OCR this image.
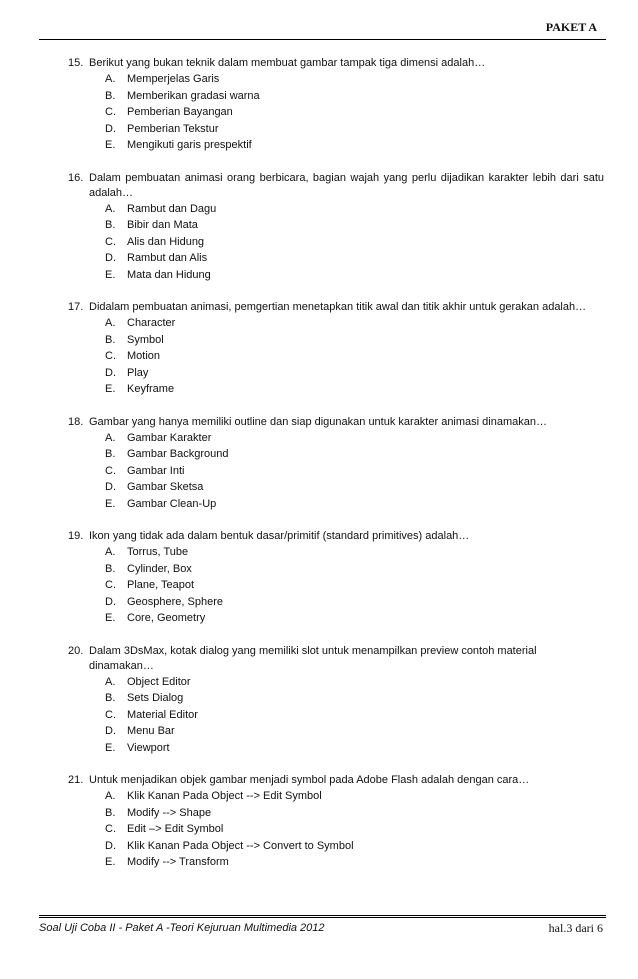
PAKET A
15. Berikut yang bukan teknik dalam membuat gambar tampak tiga dimensi adalah…
A.	Memperjelas Garis
B.	Memberikan gradasi warna
C.	Pemberian Bayangan
D.	Pemberian Tekstur
E.	Mengikuti garis prespektif
16. Dalam pembuatan animasi orang berbicara, bagian wajah yang perlu dijadikan karakter lebih dari satu adalah…
A.	Rambut dan Dagu
B.	Bibir dan Mata
C.	Alis dan Hidung
D.	Rambut dan Alis
E.	Mata dan Hidung
17. Didalam pembuatan animasi, pemgertian menetapkan titik awal dan titik akhir untuk gerakan adalah…
A.	Character
B.	Symbol
C.	Motion
D.	Play
E.	Keyframe
18. Gambar yang hanya memiliki outline dan siap digunakan untuk karakter animasi dinamakan…
A.	Gambar Karakter
B.	Gambar Background
C.	Gambar Inti
D.	Gambar Sketsa
E.	Gambar Clean-Up
19. Ikon yang tidak ada dalam bentuk dasar/primitif (standard primitives) adalah…
A.	Torrus, Tube
B.	Cylinder, Box
C.	Plane, Teapot
D.	Geosphere, Sphere
E.	Core, Geometry
20. Dalam 3DsMax, kotak dialog yang memiliki slot untuk menampilkan preview contoh material dinamakan…
A.	Object Editor
B.	Sets Dialog
C.	Material Editor
D.	Menu Bar
E.	Viewport
21. Untuk menjadikan objek gambar menjadi symbol pada Adobe Flash adalah dengan cara…
A.	Klik Kanan Pada Object --> Edit Symbol
B.	Modify --> Shape
C.	Edit –> Edit Symbol
D.	Klik Kanan Pada Object --> Convert to Symbol
E.	Modify --> Transform
Soal Uji Coba II - Paket A -Teori Kejuruan Multimedia 2012	hal.3 dari 6
